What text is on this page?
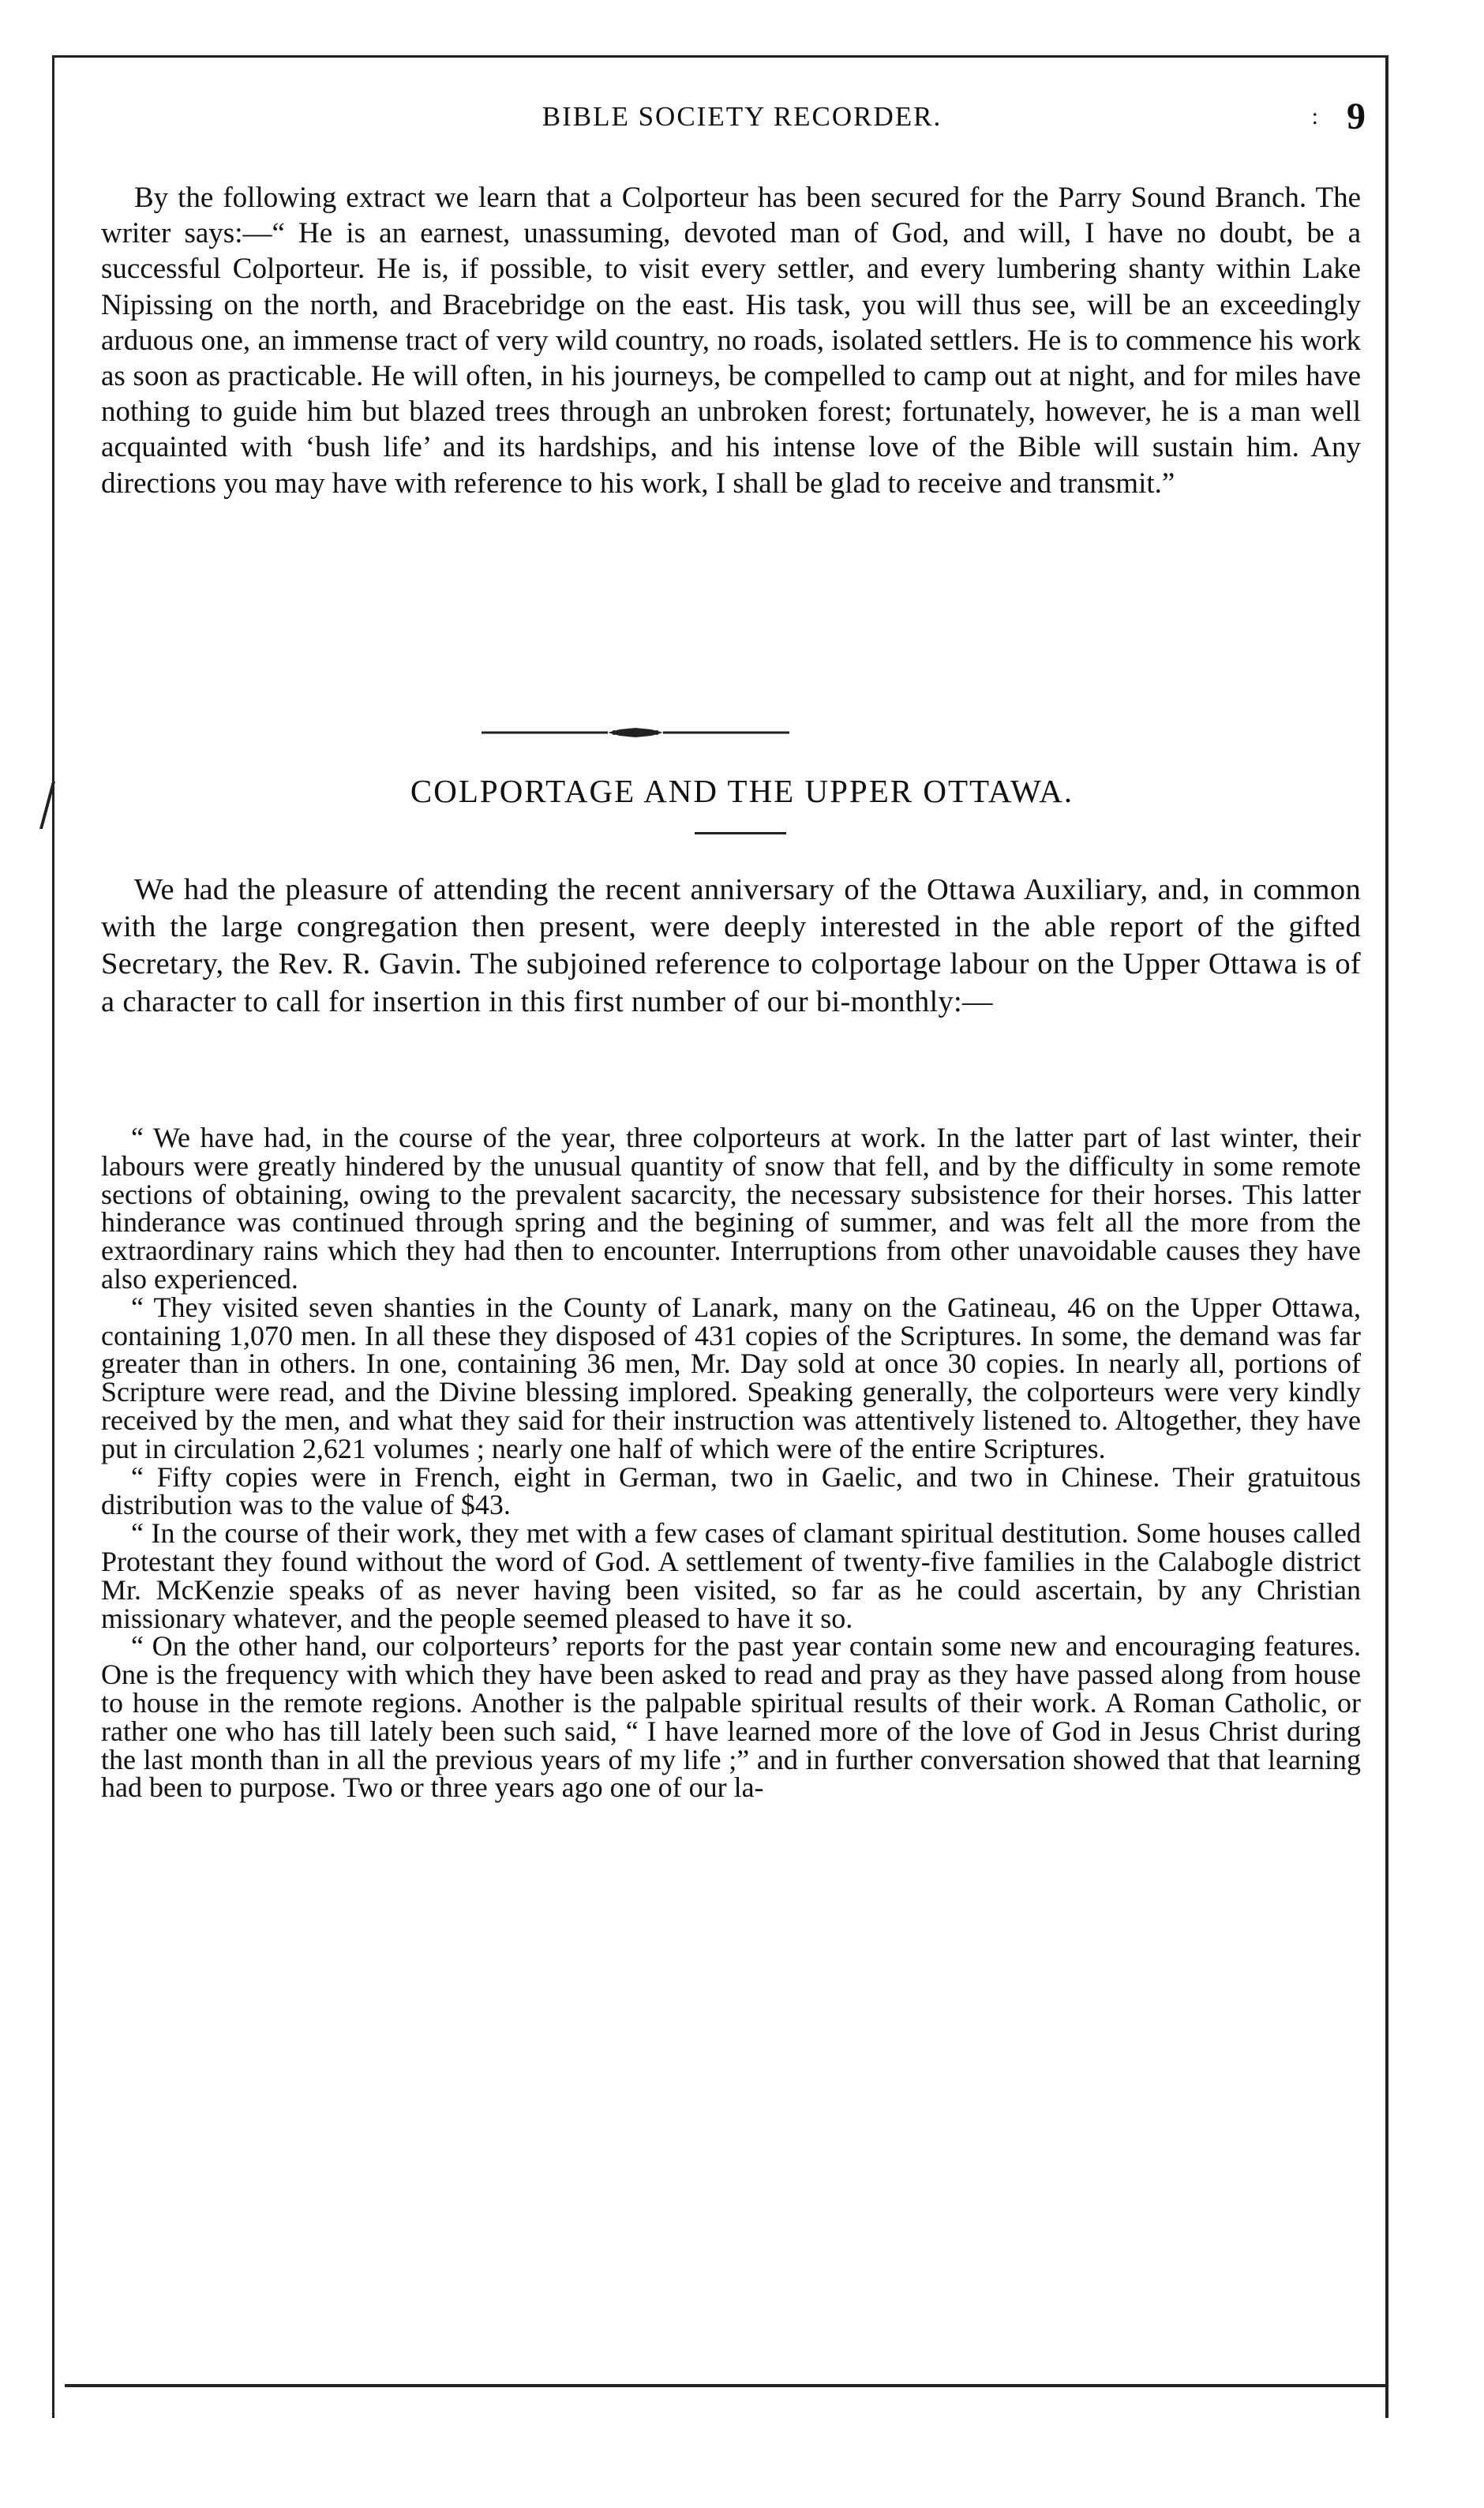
BIBLE SOCIETY RECORDER.	: 9

By the following extract we learn that a Colporteur has been secured for the Parry Sound Branch. The writer says:—“ He is an earnest, unassuming, devoted man of God, and will, I have no doubt, be a successful Colporteur. He is, if possible, to visit every settler, and every lumbering shanty within Lake Nipissing on the north, and Bracebridge on the east. His task, you will thus see, will be an exceedingly arduous one, an immense tract of very wild country, no roads, isolated settlers. He is to commence his work as soon as practicable. He will often, in his journeys, be compelled to camp out at night, and for miles have nothing to guide him but blazed trees through an unbroken forest; fortunately, however, he is a man well acquainted with ‘bush life’ and its hardships, and his intense love of the Bible will sustain him. Any directions you may have with reference to his work, I shall be glad to receive and transmit.”

COLPORTAGE AND THE UPPER OTTAWA.

We had the pleasure of attending the recent anniversary of the Ottawa Auxiliary, and, in common with the large congregation then present, were deeply interested in the able report of the gifted Secretary, the Rev. R. Gavin. The subjoined reference to colportage labour on the Upper Ottawa is of a character to call for insertion in this first number of our bi-monthly:—

“ We have had, in the course of the year, three colporteurs at work. In the latter part of last winter, their labours were greatly hindered by the unusual quantity of snow that fell, and by the difficulty in some remote sections of obtaining, owing to the prevalent sacarcity, the necessary subsistence for their horses. This latter hinderance was continued through spring and the begining of summer, and was felt all the more from the extraordinary rains which they had then to encounter. Interruptions from other unavoidable causes they have also experienced.

“ They visited seven shanties in the County of Lanark, many on the Gatineau, 46 on the Upper Ottawa, containing 1,070 men. In all these they disposed of 431 copies of the Scriptures. In some, the demand was far greater than in others. In one, containing 36 men, Mr. Day sold at once 30 copies. In nearly all, portions of Scripture were read, and the Divine blessing implored. Speaking generally, the colporteurs were very kindly received by the men, and what they said for their instruction was attentively listened to. Altogether, they have put in circulation 2,621 volumes ; nearly one half of which were of the entire Scriptures.

“ Fifty copies were in French, eight in German, two in Gaelic, and two in Chinese. Their gratuitous distribution was to the value of $43.

“ In the course of their work, they met with a few cases of clamant spiritual destitution. Some houses called Protestant they found without the word of God. A settlement of twenty-five families in the Calabogle district Mr. McKenzie speaks of as never having been visited, so far as he could ascertain, by any Christian missionary whatever, and the people seemed pleased to have it so.

“ On the other hand, our colporteurs’ reports for the past year contain some new and encouraging features. One is the frequency with which they have been asked to read and pray as they have passed along from house to house in the remote regions. Another is the palpable spiritual results of their work. A Roman Catholic, or rather one who has till lately been such said, “ I have learned more of the love of God in Jesus Christ during the last month than in all the previous years of my life ;” and in further conversation showed that that learning had been to purpose. Two or three years ago one of our la-
